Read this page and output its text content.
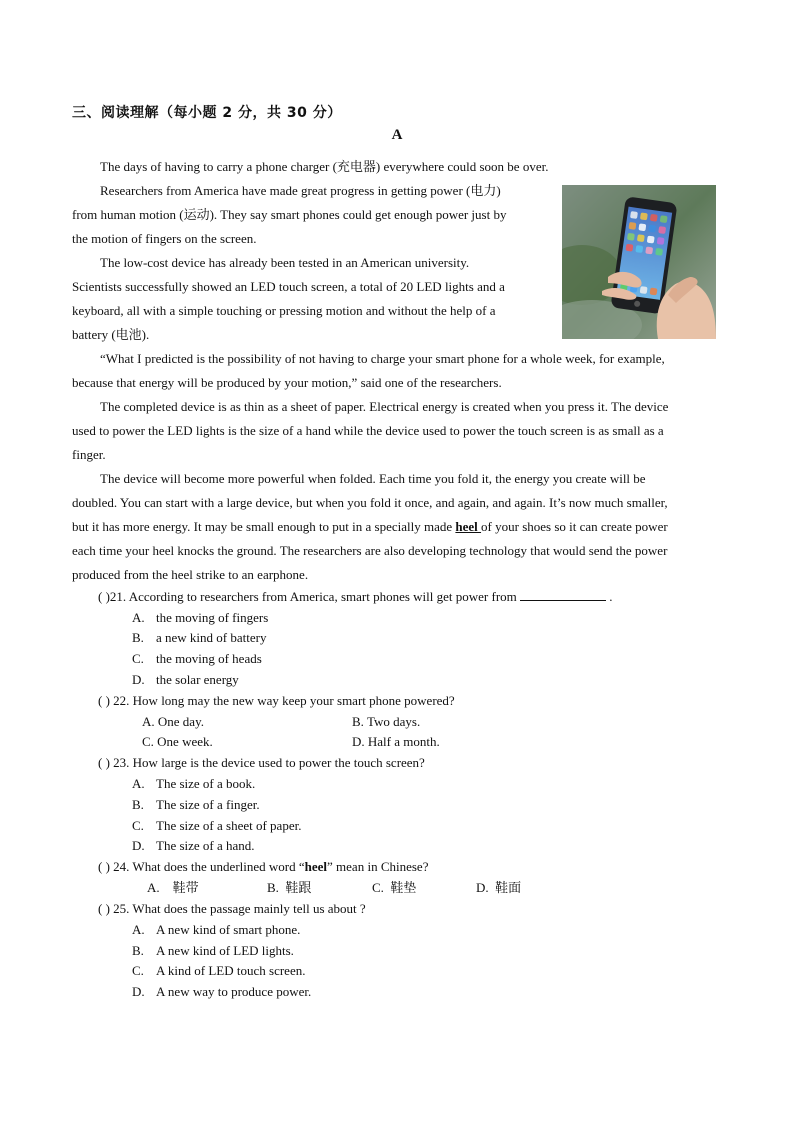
三、阅读理解（每小题 2 分，共 30 分）
A
The days of having to carry a phone charger (充电器) everywhere could soon be over.
Researchers from America have made great progress in getting power (电力)
from human motion (运动). They say smart phones could get enough power just by
the motion of fingers on the screen.
The low-cost device has already been tested in an American university.
Scientists successfully showed an LED touch screen, a total of 20 LED lights and a
keyboard, all with a simple touching or pressing motion and without the help of a
battery (电池).
“What I predicted is the possibility of not having to charge your smart phone for a whole week, for example,
because that energy will be produced by your motion,” said one of the researchers.
The completed device is as thin as a sheet of paper. Electrical energy is created when you press it. The device
used to power the LED lights is the size of a hand while the device used to power the touch screen is as small as a
finger.
The device will become more powerful when folded. Each time you fold it, the energy you create will be
doubled. You can start with a large device, but when you fold it once, and again, and again. It’s now much smaller,
but it has more energy. It may be small enough to put in a specially made heel of your shoes so it can create power
each time your heel knocks the ground. The researchers are also developing technology that would send the power
produced from the heel strike to an earphone.
( )21. According to researchers from America, smart phones will get power from	.
A. the moving of fingers
B. a new kind of battery
C. the moving of heads
D. the solar energy
( ) 22. How long may the new way keep your smart phone powered?
A. One day.	B. Two days.
C. One week.	D. Half a month.
( ) 23. How large is the device used to power the touch screen?
A. The size of a book.
B. The size of a finger.
C. The size of a sheet of paper.
D. The size of a hand.
( ) 24. What does the underlined word “heel” mean in Chinese?
A. 鞋带	B. 鞋跟	C. 鞋垫	D. 鞋面
( ) 25. What does the passage mainly tell us about ?
A. A new kind of smart phone.
B. A new kind of LED lights.
C. A kind of LED touch screen.
D. A new way to produce power.
